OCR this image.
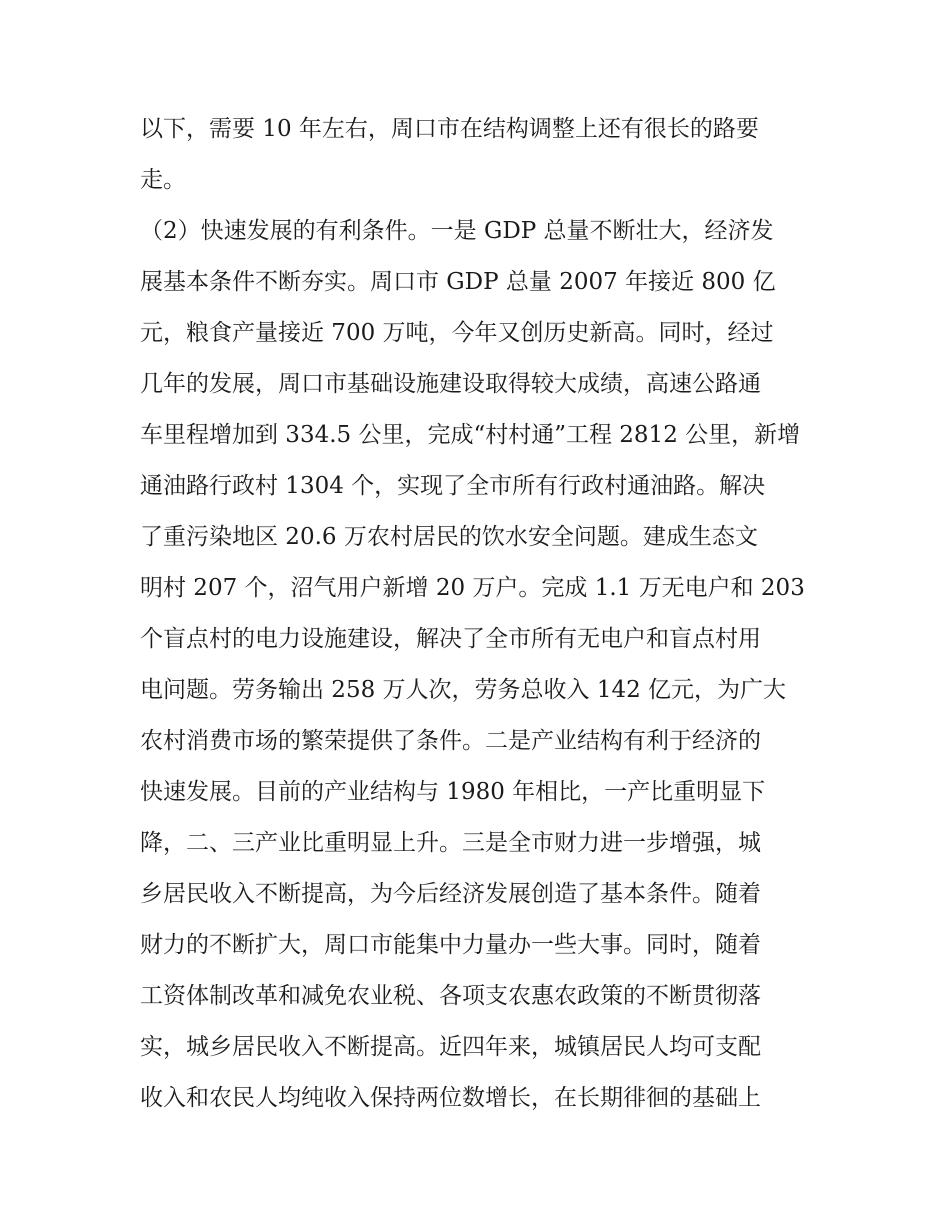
以下，需要 10 年左右，周口市在结构调整上还有很长的路要
走。
（2）快速发展的有利条件。一是 GDP 总量不断壮大，经济发
展基本条件不断夯实。周口市 GDP 总量 2007 年接近 800 亿
元，粮食产量接近 700 万吨，今年又创历史新高。同时，经过
几年的发展，周口市基础设施建设取得较大成绩，高速公路通
车里程增加到 334.5 公里，完成“村村通”工程 2812 公里，新增
通油路行政村 1304 个，实现了全市所有行政村通油路。解决
了重污染地区 20.6 万农村居民的饮水安全问题。建成生态文
明村 207 个，沼气用户新增 20 万户。完成 1.1 万无电户和 203
个盲点村的电力设施建设，解决了全市所有无电户和盲点村用
电问题。劳务输出 258 万人次，劳务总收入 142 亿元，为广大
农村消费市场的繁荣提供了条件。二是产业结构有利于经济的
快速发展。目前的产业结构与 1980 年相比，一产比重明显下
降，二、三产业比重明显上升。三是全市财力进一步增强，城
乡居民收入不断提高，为今后经济发展创造了基本条件。随着
财力的不断扩大，周口市能集中力量办一些大事。同时，随着
工资体制改革和减免农业税、各项支农惠农政策的不断贯彻落
实，城乡居民收入不断提高。近四年来，城镇居民人均可支配
收入和农民人均纯收入保持两位数增长，在长期徘徊的基础上
